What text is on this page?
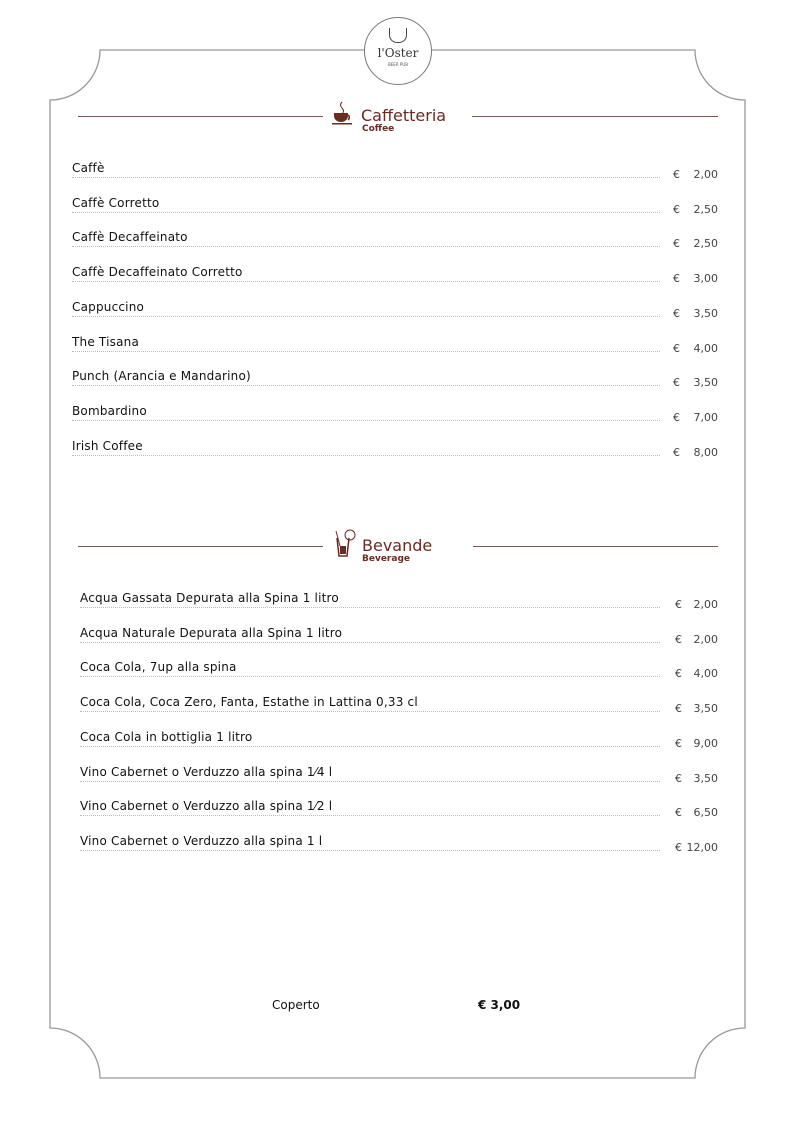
l'Oster
BEER PUB
Caffetteria
Coffee
Bevande
Beverage
Caffè	€	2,00
Caffè Corretto	€	2,50
Caffè Decaffeinato	€	2,50
Caffè Decaffeinato Corretto	€	3,00
Cappuccino	€	3,50
The Tisana	€	4,00
Punch (Arancia e Mandarino)	€	3,50
Bombardino	€	7,00
Irish Coffee	€	8,00
Acqua Gassata Depurata alla Spina 1 litro	€	2,00
Acqua Naturale Depurata alla Spina 1 litro	€	2,00
Coca Cola, 7up alla spina	€	4,00
Coca Cola, Coca Zero, Fanta, Estathe in Lattina 0,33 cl	€	3,50
Coca Cola in bottiglia 1 litro	€	9,00
Vino Cabernet o Verduzzo alla spina 1⁄4 l	€	3,50
Vino Cabernet o Verduzzo alla spina 1⁄2 l	€	6,50
Vino Cabernet o Verduzzo alla spina 1 l	€ 12,00
Coperto	€ 3,00
